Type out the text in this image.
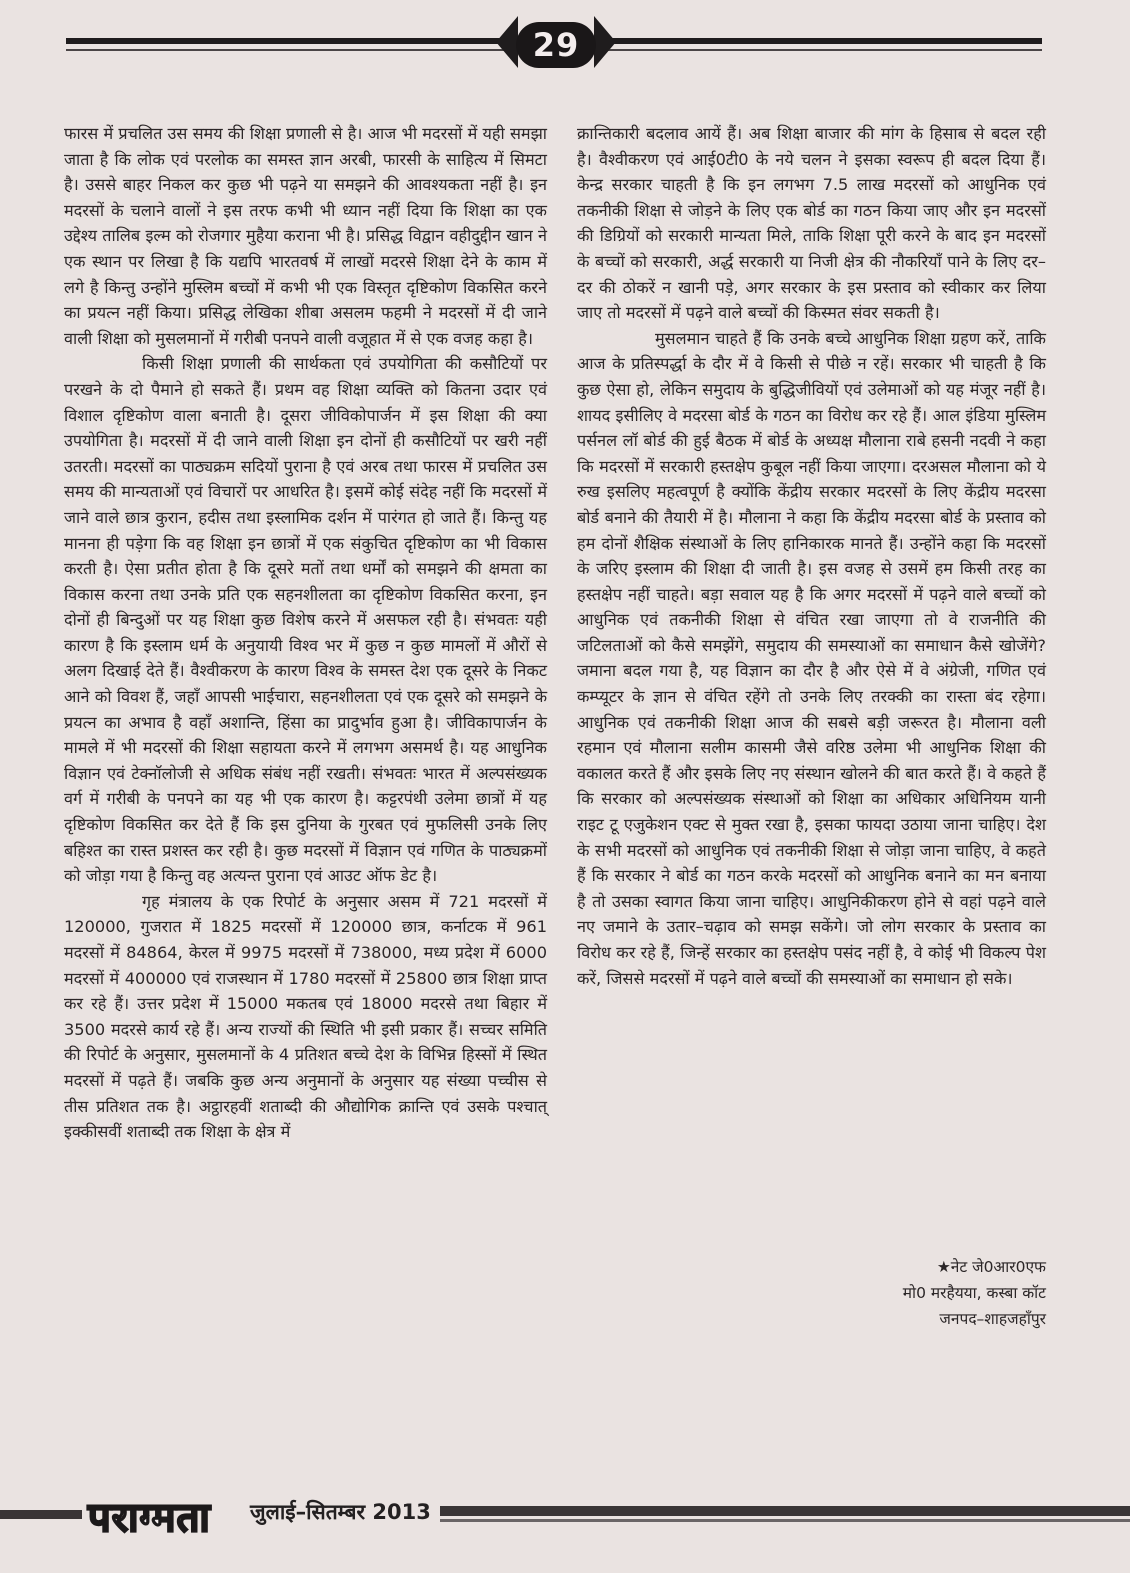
29

फारस में प्रचलित उस समय की शिक्षा प्रणाली से है। आज भी मदरसों में यही समझा जाता है कि लोक एवं परलोक का समस्त ज्ञान अरबी, फारसी के साहित्य में सिमटा है। उससे बाहर निकल कर कुछ भी पढ़ने या समझने की आवश्यकता नहीं है। इन मदरसों के चलाने वालों ने इस तरफ कभी भी ध्यान नहीं दिया कि शिक्षा का एक उद्देश्य तालिब इल्म को रोजगार मुहैया कराना भी है। प्रसिद्ध विद्वान वहीदुद्दीन खान ने एक स्थान पर लिखा है कि यद्यपि भारतवर्ष में लाखों मदरसे शिक्षा देने के काम में लगे है किन्तु उन्होंने मुस्लिम बच्चों में कभी भी एक विस्तृत दृष्टिकोण विकसित करने का प्रयत्न नहीं किया। प्रसिद्ध लेखिका शीबा असलम फहमी ने मदरसों में दी जाने वाली शिक्षा को मुसलमानों में गरीबी पनपने वाली वजूहात में से एक वजह कहा है।

किसी शिक्षा प्रणाली की सार्थकता एवं उपयोगिता की कसौटियों पर परखने के दो पैमाने हो सकते हैं। प्रथम वह शिक्षा व्यक्ति को कितना उदार एवं विशाल दृष्टिकोण वाला बनाती है। दूसरा जीविकोपार्जन में इस शिक्षा की क्या उपयोगिता है। मदरसों में दी जाने वाली शिक्षा इन दोनों ही कसौटियों पर खरी नहीं उतरती। मदरसों का पाठ्यक्रम सदियों पुराना है एवं अरब तथा फारस में प्रचलित उस समय की मान्यताओं एवं विचारों पर आधरित है। इसमें कोई संदेह नहीं कि मदरसों में जाने वाले छात्र कुरान, हदीस तथा इस्लामिक दर्शन में पारंगत हो जाते हैं। किन्तु यह मानना ही पड़ेगा कि वह शिक्षा इन छात्रों में एक संकुचित दृष्टिकोण का भी विकास करती है। ऐसा प्रतीत होता है कि दूसरे मतों तथा धर्मों को समझने की क्षमता का विकास करना तथा उनके प्रति एक सहनशीलता का दृष्टिकोण विकसित करना, इन दोनों ही बिन्दुओं पर यह शिक्षा कुछ विशेष करने में असफल रही है। संभवतः यही कारण है कि इस्लाम धर्म के अनुयायी विश्व भर में कुछ न कुछ मामलों में औरों से अलग दिखाई देते हैं। वैश्वीकरण के कारण विश्व के समस्त देश एक दूसरे के निकट आने को विवश हैं, जहाँ आपसी भाईचारा, सहनशीलता एवं एक दूसरे को समझने के प्रयत्न का अभाव है वहाँ अशान्ति, हिंसा का प्रादुर्भाव हुआ है। जीविकापार्जन के मामले में भी मदरसों की शिक्षा सहायता करने में लगभग असमर्थ है। यह आधुनिक विज्ञान एवं टेक्नॉलोजी से अधिक संबंध नहीं रखती। संभवतः भारत में अल्पसंख्यक वर्ग में गरीबी के पनपने का यह भी एक कारण है। कट्टरपंथी उलेमा छात्रों में यह दृष्टिकोण विकसित कर देते हैं कि इस दुनिया के गुरबत एवं मुफलिसी उनके लिए बहिश्त का रास्त प्रशस्त कर रही है। कुछ मदरसों में विज्ञान एवं गणित के पाठ्यक्रमों को जोड़ा गया है किन्तु वह अत्यन्त पुराना एवं आउट ऑफ डेट है।

गृह मंत्रालय के एक रिपोर्ट के अनुसार असम में 721 मदरसों में 120000, गुजरात में 1825 मदरसों में 120000 छात्र, कर्नाटक में 961 मदरसों में 84864, केरल में 9975 मदरसों में 738000, मध्य प्रदेश में 6000 मदरसों में 400000 एवं राजस्थान में 1780 मदरसों में 25800 छात्र शिक्षा प्राप्त कर रहे हैं। उत्तर प्रदेश में 15000 मकतब एवं 18000 मदरसे तथा बिहार में 3500 मदरसे कार्य रहे हैं। अन्य राज्यों की स्थिति भी इसी प्रकार हैं। सच्चर समिति की रिपोर्ट के अनुसार, मुसलमानों के 4 प्रतिशत बच्चे देश के विभिन्न हिस्सों में स्थित मदरसों में पढ़ते हैं। जबकि कुछ अन्य अनुमानों के अनुसार यह संख्या पच्चीस से तीस प्रतिशत तक है। अट्ठारहवीं शताब्दी की औद्योगिक क्रान्ति एवं उसके पश्चात् इक्कीसवीं शताब्दी तक शिक्षा के क्षेत्र में

क्रान्तिकारी बदलाव आयें हैं। अब शिक्षा बाजार की मांग के हिसाब से बदल रही है। वैश्वीकरण एवं आई0टी0 के नये चलन ने इसका स्वरूप ही बदल दिया हैं। केन्द्र सरकार चाहती है कि इन लगभग 7.5 लाख मदरसों को आधुनिक एवं तकनीकी शिक्षा से जोड़ने के लिए एक बोर्ड का गठन किया जाए और इन मदरसों की डिग्रियों को सरकारी मान्यता मिले, ताकि शिक्षा पूरी करने के बाद इन मदरसों के बच्चों को सरकारी, अर्द्ध सरकारी या निजी क्षेत्र की नौकरियाँ पाने के लिए दर–दर की ठोकरें न खानी पड़े, अगर सरकार के इस प्रस्ताव को स्वीकार कर लिया जाए तो मदरसों में पढ़ने वाले बच्चों की किस्मत संवर सकती है।

मुसलमान चाहते हैं कि उनके बच्चे आधुनिक शिक्षा ग्रहण करें, ताकि आज के प्रतिस्पर्द्धा के दौर में वे किसी से पीछे न रहें। सरकार भी चाहती है कि कुछ ऐसा हो, लेकिन समुदाय के बुद्धिजीवियों एवं उलेमाओं को यह मंजूर नहीं है। शायद इसीलिए वे मदरसा बोर्ड के गठन का विरोध कर रहे हैं। आल इंडिया मुस्लिम पर्सनल लॉ बोर्ड की हुई बैठक में बोर्ड के अध्यक्ष मौलाना राबे हसनी नदवी ने कहा कि मदरसों में सरकारी हस्तक्षेप कुबूल नहीं किया जाएगा। दरअसल मौलाना को ये रुख इसलिए महत्वपूर्ण है क्योंकि केंद्रीय सरकार मदरसों के लिए केंद्रीय मदरसा बोर्ड बनाने की तैयारी में है। मौलाना ने कहा कि केंद्रीय मदरसा बोर्ड के प्रस्ताव को हम दोनों शैक्षिक संस्थाओं के लिए हानिकारक मानते हैं। उन्होंने कहा कि मदरसों के जरिए इस्लाम की शिक्षा दी जाती है। इस वजह से उसमें हम किसी तरह का हस्तक्षेप नहीं चाहते। बड़ा सवाल यह है कि अगर मदरसों में पढ़ने वाले बच्चों को आधुनिक एवं तकनीकी शिक्षा से वंचित रखा जाएगा तो वे राजनीति की जटिलताओं को कैसे समझेंगे, समुदाय की समस्याओं का समाधान कैसे खोजेंगे? जमाना बदल गया है, यह विज्ञान का दौर है और ऐसे में वे अंग्रेजी, गणित एवं कम्प्यूटर के ज्ञान से वंचित रहेंगे तो उनके लिए तरक्की का रास्ता बंद रहेगा। आधुनिक एवं तकनीकी शिक्षा आज की सबसे बड़ी जरूरत है। मौलाना वली रहमान एवं मौलाना सलीम कासमी जैसे वरिष्ठ उलेमा भी आधुनिक शिक्षा की वकालत करते हैं और इसके लिए नए संस्थान खोलने की बात करते हैं। वे कहते हैं कि सरकार को अल्पसंख्यक संस्थाओं को शिक्षा का अधिकार अधिनियम यानी राइट टू एजुकेशन एक्ट से मुक्त रखा है, इसका फायदा उठाया जाना चाहिए। देश के सभी मदरसों को आधुनिक एवं तकनीकी शिक्षा से जोड़ा जाना चाहिए, वे कहते हैं कि सरकार ने बोर्ड का गठन करके मदरसों को आधुनिक बनाने का मन बनाया है तो उसका स्वागत किया जाना चाहिए। आधुनिकीकरण होने से वहां पढ़ने वाले नए जमाने के उतार–चढ़ाव को समझ सकेंगे। जो लोग सरकार के प्रस्ताव का विरोध कर रहे हैं, जिन्हें सरकार का हस्तक्षेप पसंद नहीं है, वे कोई भी विकल्प पेश करें, जिससे मदरसों में पढ़ने वाले बच्चों की समस्याओं का समाधान हो सके।

★नेट जे0आर0एफ
मो0 मरहैयया, कस्बा कॉट
जनपद–शाहजहाँपुर
पराग्मता जुलाई–सितम्बर 2013
